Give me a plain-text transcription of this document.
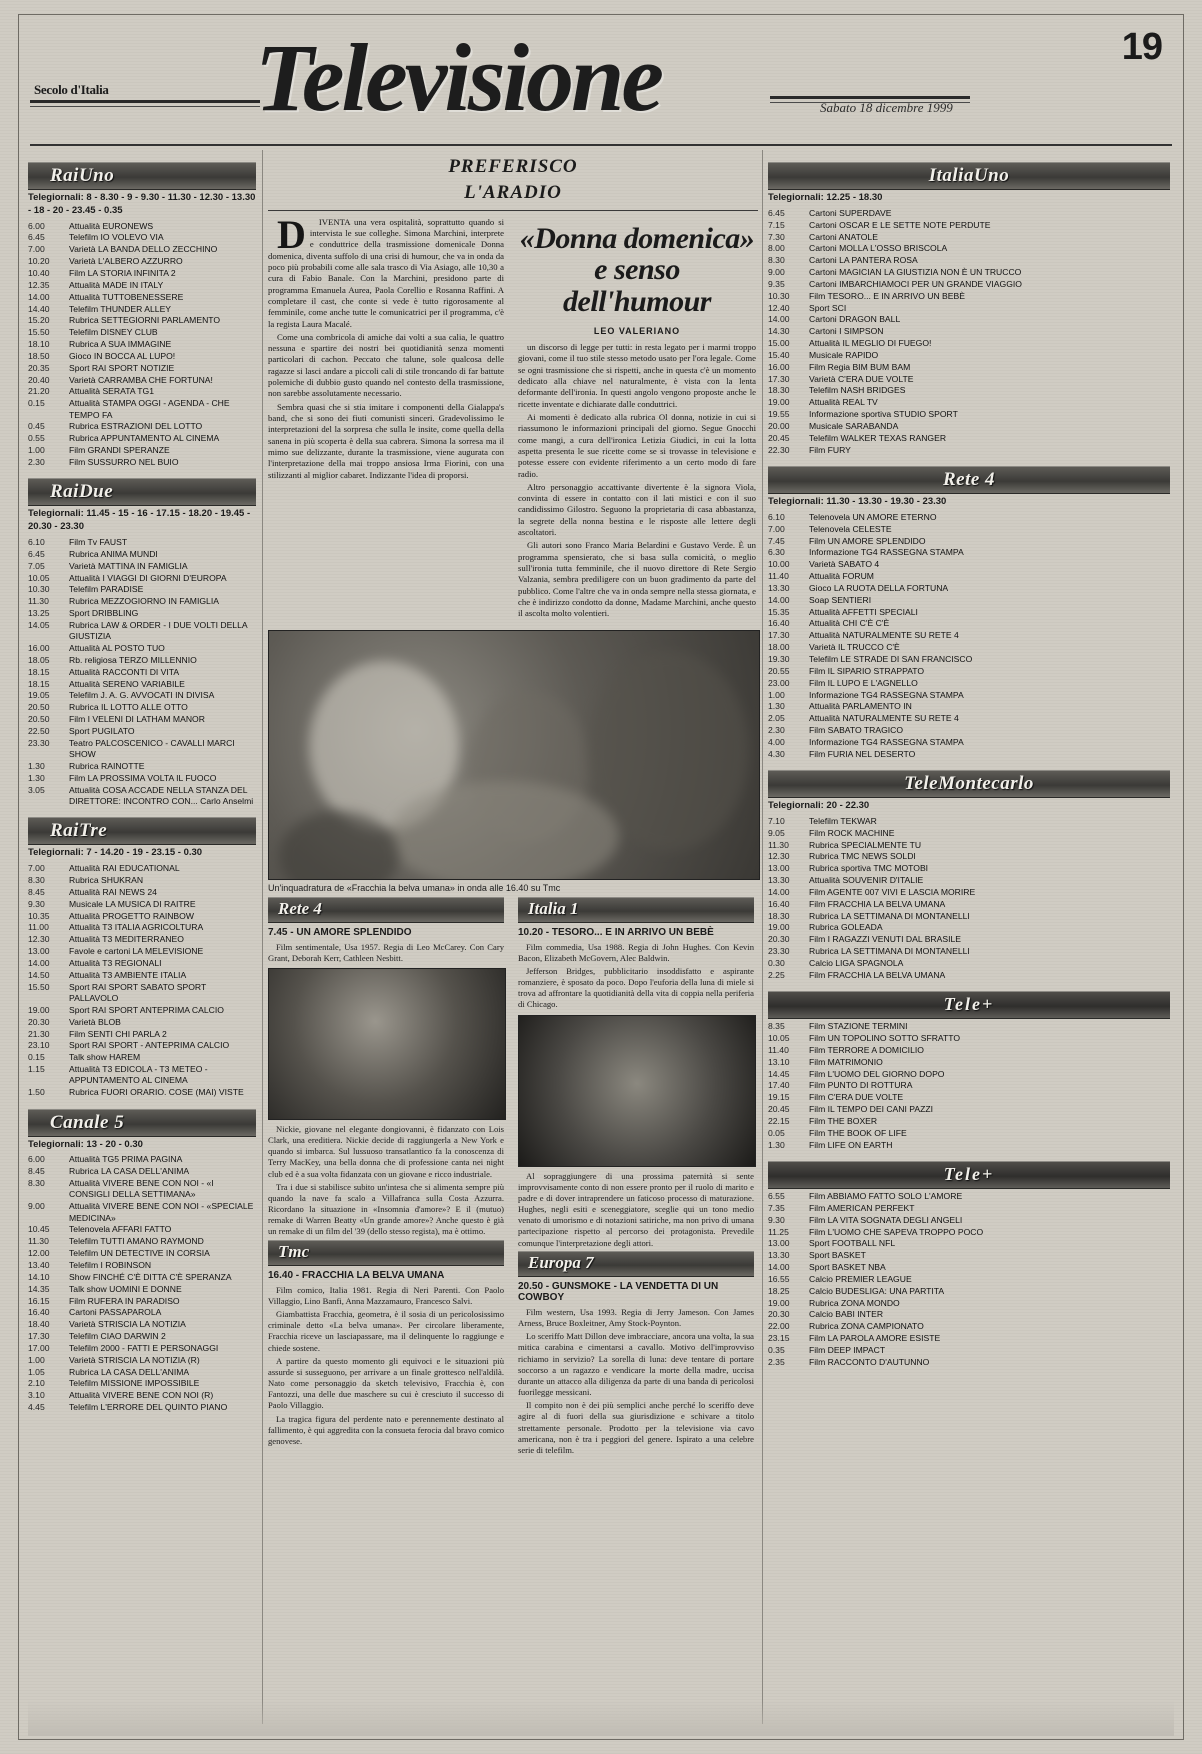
19
Secolo d'Italia Televisione	Sabato 18 dicembre 1999
RaiUno
Telegiornali: 8 - 8.30 - 9 - 9.30 - 11.30 - 12.30 - 13.30 - 18 - 20 - 23.45 - 0.35
6.00	Attualità EURONEWS
6.45	Telefilm IO VOLEVO VIA
7.00	Varietà LA BANDA DELLO ZECCHINO
10.20	Varietà L'ALBERO AZZURRO
10.40	Film LA STORIA INFINITA 2
12.35	Attualità MADE IN ITALY
14.00	Attualità TUTTOBENESSERE
14.40	Telefilm THUNDER ALLEY
15.20	Rubrica SETTEGIORNI PARLAMENTO
15.50	Telefilm DISNEY CLUB
18.10	Rubrica A SUA IMMAGINE
18.50	Gioco IN BOCCA AL LUPO!
20.35	Sport RAI SPORT NOTIZIE
20.40	Varietà CARRAMBA CHE FORTUNA!
21.20	Attualità SERATA TG1
0.15	Attualità STAMPA OGGI - AGENDA - CHE TEMPO FA
0.45	Rubrica ESTRAZIONI DEL LOTTO
0.55	Rubrica APPUNTAMENTO AL CINEMA
1.00	Film GRANDI SPERANZE
2.30	Film SUSSURRO NEL BUIO
RaiDue
Telegiornali: 11.45 - 15 - 16 - 17.15 - 18.20 - 19.45 - 20.30 - 23.30
6.10	Film Tv FAUST
6.45	Rubrica ANIMA MUNDI
7.05	Varietà MATTINA IN FAMIGLIA
10.05	Attualità I VIAGGI DI GIORNI D'EUROPA
10.30	Telefilm PARADISE
11.30	Rubrica MEZZOGIORNO IN FAMIGLIA
13.25	Sport DRIBBLING
14.05	Rubrica LAW & ORDER - I DUE VOLTI DELLA GIUSTIZIA
16.00	Attualità AL POSTO TUO
18.05	Rb. religiosa TERZO MILLENNIO
18.15	Attualità RACCONTI DI VITA
18.15	Attualità SERENO VARIABILE
19.05	Telefilm J. A. G. AVVOCATI IN DIVISA
20.50	Rubrica IL LOTTO ALLE OTTO
20.50	Film I VELENI DI LATHAM MANOR
22.50	Sport PUGILATO
23.30	Teatro PALCOSCENICO - CAVALLI MARCI SHOW
1.30	Rubrica RAINOTTE
1.30	Film LA PROSSIMA VOLTA IL FUOCO
3.05	Attualità COSA ACCADE NELLA STANZA DEL DIRETTORE: INCONTRO CON... Carlo Anselmi
RaiTre
Telegiornali: 7 - 14.20 - 19 - 23.15 - 0.30
7.00	Attualità RAI EDUCATIONAL
8.30	Rubrica SHUKRAN
8.45	Attualità RAI NEWS 24
9.30	Musicale LA MUSICA DI RAITRE
10.35	Attualità PROGETTO RAINBOW
11.00	Attualità T3 ITALIA AGRICOLTURA
12.30	Attualità T3 MEDITERRANEO
13.00	Favole e cartoni LA MELEVISIONE
14.00	Attualità T3 REGIONALI
14.50	Attualità T3 AMBIENTE ITALIA
15.50	Sport RAI SPORT SABATO SPORT PALLAVOLO
19.00	Sport RAI SPORT ANTEPRIMA CALCIO
20.30	Varietà BLOB
21.30	Film SENTI CHI PARLA 2
23.10	Sport RAI SPORT - ANTEPRIMA CALCIO
0.15	Talk show HAREM
1.15	Attualità T3 EDICOLA - T3 METEO - APPUNTAMENTO AL CINEMA
1.50	Rubrica FUORI ORARIO. COSE (MAI) VISTE
Canale 5
Telegiornali: 13 - 20 - 0.30
6.00	Attualità TG5 PRIMA PAGINA
8.45	Rubrica LA CASA DELL'ANIMA
8.30	Attualità VIVERE BENE CON NOI - «I CONSIGLI DELLA SETTIMANA»
9.00	Attualità VIVERE BENE CON NOI - «SPECIALE MEDICINA»
10.45	Telenovela AFFARI FATTO
11.30	Telefilm TUTTI AMANO RAYMOND
12.00	Telefilm UN DETECTIVE IN CORSIA
13.40	Telefilm I ROBINSON
14.10	Show FINCHÉ C'È DITTA C'È SPERANZA
14.35	Talk show UOMINI E DONNE
16.15	Film RUFERA IN PARADISO
16.40	Cartoni PASSAPAROLA
18.40	Varietà STRISCIA LA NOTIZIA
17.30	Telefilm CIAO DARWIN 2
17.00	Telefilm 2000 - FATTI E PERSONAGGI
1.00	Varietà STRISCIA LA NOTIZIA (R)
1.05	Rubrica LA CASA DELL'ANIMA
2.10	Telefilm MISSIONE IMPOSSIBILE
3.10	Attualità VIVERE BENE CON NOI (R)
4.45	Telefilm L'ERRORE DEL QUINTO PIANO
PREFERISCO
L'ARADIO

DIVENTA una vera ospitalità, soprattutto quando si intervista le sue colleghe. Simona Marchini, interprete e conduttrice della trasmissione domenicale Donna domenica, diventa suffolo di una crisi di humour, che va in onda da poco più probabili come alle sala trasco di Via Asiago, alle 10,30 a cura di Fabio Banale. Con la Marchini, presidono parte di programma Emanuela Aurea, Paola Corellio e Rosanna Raffini. A completare il cast, che conte si vede è tutto rigorosamente al femminile, come anche tutte le comunicatrici per il programma, c'è la regista Laura Macalé.

Come una combricola di amiche dai volti a sua calia, le quattro nessuna e spartire dei nostri bei quotidianità senza momenti particolari di cachon. Peccato che talune, sole qualcosa delle ragazze si lasci andare a piccoli cali di stile troncando di far battute polemiche di dubbio gusto quando nel contesto della trasmissione, non sarebbe assolutamente necessario.

Sembra quasi che si stia imitare i componenti della Gialappa's band, che si sono dei fiuti comunisti sinceri. Gradevolissimo le interpretazioni del la sorpresa che sulla le insite, come quella della sanena in più scoperta è della sua cabrera. Simona la sorresa ma il mimo sue delizzante, durante la trasmissione, viene augurata con l'interpretazione della mai troppo ansiosa Irma Fiorini, con una stilizzanti al miglior cabaret. Indizzante l'idea di proporsi.

«Donna domenica» e senso dell'humour
LEO VALERIANO

un discorso di legge per tutti: in resta legato per i marmi troppo giovani, come il tuo stile stesso metodo usato per l'ora legale. Come se ogni trasmissione che si rispetti, anche in questa c'è un momento dedicato alla chiave nel naturalmente, è vista con la lenta deformante dell'ironia. In questi angolo vengono proposte anche le ricette inventate e dichiarate dalle conduttrici.

Ai momenti è dedicato alla rubrica Ol donna, notizie in cui si riassumono le informazioni principali del giorno. Segue Gnocchi come mangi, a cura dell'ironica Letizia Giudici, in cui la lotta aspetta presenta le sue ricette come se si trovasse in televisione e potesse essere con evidente riferimento a un certo modo di fare radio.

Altro personaggio accattivante divertente è la signora Viola, convinta di essere in contatto con il lati mistici e con il suo candidissimo Gilostro. Seguono la proprietaria di casa abbastanza, la segrete della nonna bestina e le risposte alle lettere degli ascoltatori.

Gli autori sono Franco Maria Belardini e Gustavo Verde. È un programma spensierato, che si basa sulla comicità, o meglio sull'ironia tutta femminile, che il nuovo direttore di Rete Sergio Valzania, sembra prediligere con un buon gradimento da parte del pubblico. Come l'altre che va in onda sempre nella stessa giornata, e che è indirizzo condotto da donne, Madame Marchini, anche questo il ascolta molto volentieri.

Un'inquadratura de «Fracchia la belva umana» in onda alle 16.40 su Tmc
Rete 4
7.45 - UN AMORE SPLENDIDO

Film sentimentale, Usa 1957. Regia di Leo McCarey. Con Cary Grant, Deborah Kerr, Cathleen Nesbitt.

Nickie, giovane nel elegante dongiovanni, è fidanzato con Lois Clark, una ereditiera. Nickie decide di raggiungerla a New York e quando si imbarca. Sul lussuoso transatlantico fa la conoscenza di Terry MacKey, una bella donna che di professione canta nei night club ed è a sua volta fidanzata con un giovane e ricco industriale.

Tra i due si stabilisce subito un'intesa che si alimenta sempre più quando la nave fa scalo a Villafranca sulla Costa Azzurra. Ricordano la situazione in «Insomnia d'amore»? E il (mutuo) remake di Warren Beatty «Un grande amore»? Anche questo è già un remake di un film del '39 (dello stesso regista), ma è ottimo.

Tmc
16.40 - FRACCHIA LA BELVA UMANA

Film comico, Italia 1981. Regia di Neri Parenti. Con Paolo Villaggio, Lino Banfi, Anna Mazzamauro, Francesco Salvi.

Giambattista Fracchia, geometra, è il sosia di un pericolosissimo criminale detto «La belva umana». Per circolare liberamente, Fracchia riceve un lasciapassare, ma il delinquente lo raggiunge e chiede sostene.

A partire da questo momento gli equivoci e le situazioni più assurde si susseguono, per arrivare a un finale grottesco nell'aldilà. Nato come personaggio da sketch televisivo, Fracchia è, con Fantozzi, una delle due maschere su cui è cresciuto il successo di Paolo Villaggio.

La tragica figura del perdente nato e perennemente destinato al fallimento, è qui aggredita con la consueta ferocia dal bravo comico genovese.

Italia 1
10.20 - TESORO... E IN ARRIVO UN BEBÈ

Film commedia, Usa 1988. Regia di John Hughes. Con Kevin Bacon, Elizabeth McGovern, Alec Baldwin.

Jefferson Bridges, pubblicitario insoddisfatto e aspirante romanziere, è sposato da poco. Dopo l'euforia della luna di miele si trova ad affrontare la quotidianità della vita di coppia nella periferia di Chicago.

Al sopraggiungere di una prossima paternità si sente improvvisamente conto di non essere pronto per il ruolo di marito e padre e di dover intraprendere un faticoso processo di maturazione. Hughes, negli esiti e sceneggiatore, sceglie qui un tono medio venato di umorismo e di notazioni satiriche, ma non privo di umana partecipazione rispetto al percorso dei protagonista. Prevedile comunque l'interpretazione degli attori.

Europa 7
20.50 - GUNSMOKE - LA VENDETTA DI UN COWBOY

Film western, Usa 1993. Regia di Jerry Jameson. Con James Arness, Bruce Boxleitner, Amy Stock-Poynton.

Lo sceriffo Matt Dillon deve imbracciare, ancora una volta, la sua mitica carabina e cimentarsi a cavallo. Motivo dell'improvviso richiamo in servizio? La sorella di luna: deve tentare di portare soccorso a un ragazzo e vendicare la morte della madre, uccisa durante un attacco alla diligenza da parte di una banda di pericolosi fuorilegge messicani.

Il compito non è dei più semplici anche perché lo sceriffo deve agire al di fuori della sua giurisdizione e schivare a titolo strettamente personale. Prodotto per la televisione via cavo americana, non è tra i peggiori del genere. Ispirato a una celebre serie di telefilm.

ItaliaUno
Telegiornali: 12.25 - 18.30
6.45	Cartoni SUPERDAVE
7.15	Cartoni OSCAR E LE SETTE NOTE PERDUTE
7.30	Cartoni ANATOLE
8.00	Cartoni MOLLA L'OSSO BRISCOLA
8.30	Cartoni LA PANTERA ROSA
9.00	Cartoni MAGICIAN LA GIUSTIZIA NON È UN TRUCCO
9.35	Cartoni IMBARCHIAMOCI PER UN GRANDE VIAGGIO
10.30	Film TESORO... E IN ARRIVO UN BEBÈ
12.40	Sport SCI
14.00	Cartoni DRAGON BALL
14.30	Cartoni I SIMPSON
15.00	Attualità IL MEGLIO DI FUEGO!
15.40	Musicale RAPIDO
16.00	Film Regia BIM BUM BAM
17.30	Varietà C'ERA DUE VOLTE
18.30	Telefilm NASH BRIDGES
19.00	Attualità REAL TV
19.55	Informazione sportiva STUDIO SPORT
20.00	Musicale SARABANDA
20.45	Telefilm WALKER TEXAS RANGER
22.30	Film FURY
Rete 4
Telegiornali: 11.30 - 13.30 - 19.30 - 23.30
6.10	Telenovela UN AMORE ETERNO
7.00	Telenovela CELESTE
7.45	Film UN AMORE SPLENDIDO
6.30	Informazione TG4 RASSEGNA STAMPA
10.00	Varietà SABATO 4
11.40	Attualità FORUM
13.30	Gioco LA RUOTA DELLA FORTUNA
14.00	Soap SENTIERI
15.35	Attualità AFFETTI SPECIALI
16.40	Attualità CHI C'È C'È
17.30	Attualità NATURALMENTE SU RETE 4
18.00	Varietà IL TRUCCO C'È
19.30	Telefilm LE STRADE DI SAN FRANCISCO
20.55	Film IL SIPARIO STRAPPATO
23.00	Film IL LUPO E L'AGNELLO
1.00	Informazione TG4 RASSEGNA STAMPA
1.30	Attualità PARLAMENTO IN
2.05	Attualità NATURALMENTE SU RETE 4
2.30	Film SABATO TRAGICO
4.00	Informazione TG4 RASSEGNA STAMPA
4.30	Film FURIA NEL DESERTO
TeleMontecarlo
Telegiornali: 20 - 22.30
7.10	Telefilm TEKWAR
9.05	Film ROCK MACHINE
11.30	Rubrica SPECIALMENTE TU
12.30	Rubrica TMC NEWS SOLDI
13.00	Rubrica sportiva TMC MOTOBI
13.30	Attualità SOUVENIR D'ITALIE
14.00	Film AGENTE 007 VIVI E LASCIA MORIRE
16.40	Film FRACCHIA LA BELVA UMANA
18.30	Rubrica LA SETTIMANA DI MONTANELLI
19.00	Rubrica GOLEADA
20.30	Film I RAGAZZI VENUTI DAL BRASILE
23.30	Rubrica LA SETTIMANA DI MONTANELLI
0.30	Calcio LIGA SPAGNOLA
2.25	Film FRACCHIA LA BELVA UMANA
Tele+
8.35	Film STAZIONE TERMINI
10.05	Film UN TOPOLINO SOTTO SFRATTO
11.40	Film TERRORE A DOMICILIO
13.10	Film MATRIMONIO
14.45	Film L'UOMO DEL GIORNO DOPO
17.40	Film PUNTO DI ROTTURA
19.15	Film C'ERA DUE VOLTE
20.45	Film IL TEMPO DEI CANI PAZZI
22.15	Film THE BOXER
0.05	Film THE BOOK OF LIFE
1.30	Film LIFE ON EARTH
Tele+
6.55	Film ABBIAMO FATTO SOLO L'AMORE
7.35	Film AMERICAN PERFEKT
9.30	Film LA VITA SOGNATA DEGLI ANGELI
11.25	Film L'UOMO CHE SAPEVA TROPPO POCO
13.00	Sport FOOTBALL NFL
13.30	Sport BASKET
14.00	Sport BASKET NBA
16.55	Calcio PREMIER LEAGUE
18.25	Calcio BUDESLIGA: UNA PARTITA
19.00	Rubrica ZONA MONDO
20.30	Calcio BABI INTER
22.00	Rubrica ZONA CAMPIONATO
23.15	Film LA PAROLA AMORE ESISTE
0.35	Film DEEP IMPACT
2.35	Film RACCONTO D'AUTUNNO
